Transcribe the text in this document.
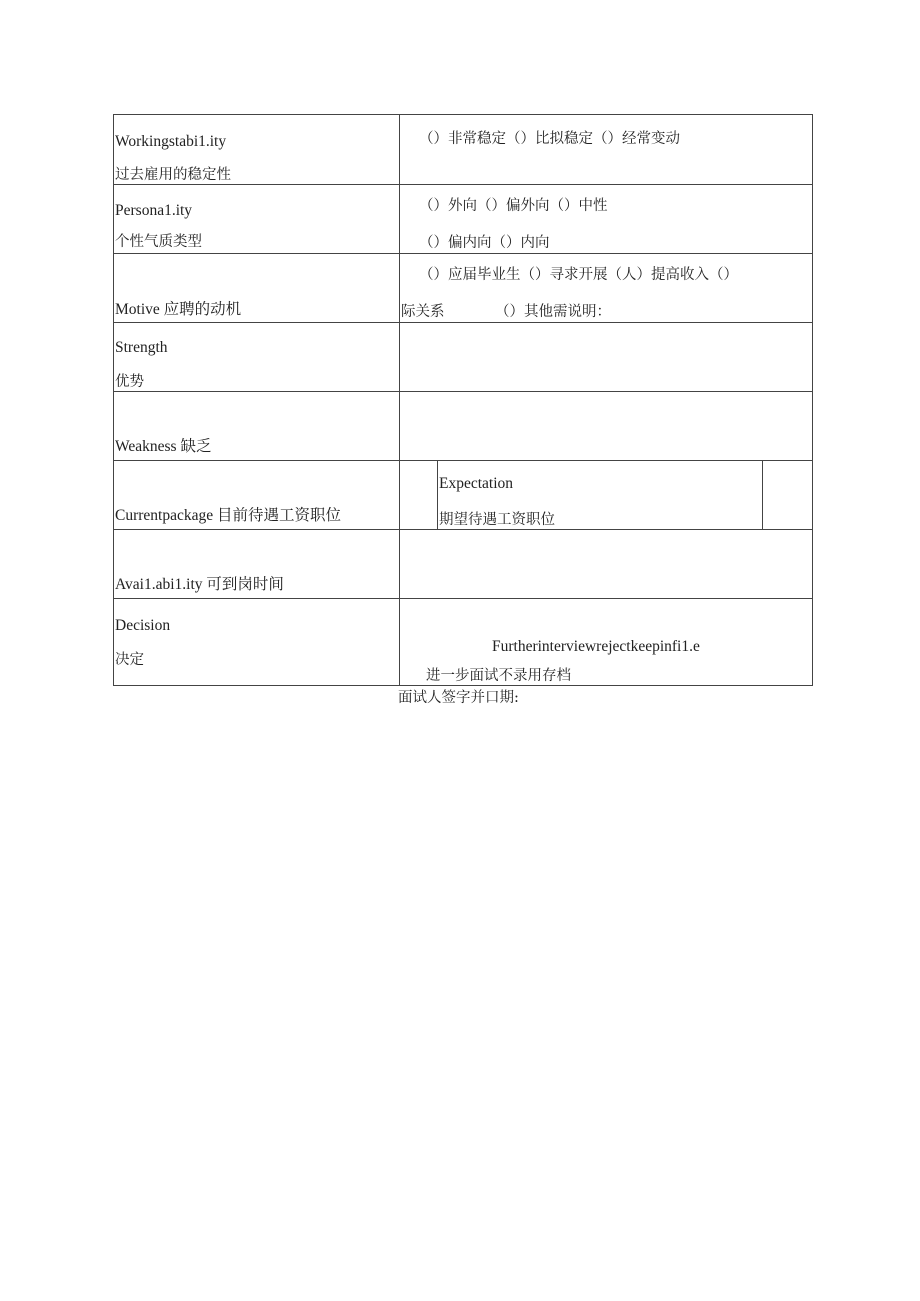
Workingstabi1.ity
过去雇用的稳定性
（）非常稳定（）比拟稳定（）经常变动
Persona1.ity
个性气质类型
（）外向（）偏外向（）中性
（）偏内向（）内向
Motive 应聘的动机
（）应届毕业生（）寻求开展（人）提高收入（）
际关系	（）其他需说明：
Strength
优势
Weakness 缺乏
Currentpackage 目前待遇工资职位
Expectation
期望待遇工资职位
Avai1.abi1.ity 可到岗时间
Decision
决定
Furtherinterviewrejectkeepinfi1.e
进一步面试不录用存档
面试人签字并口期:
